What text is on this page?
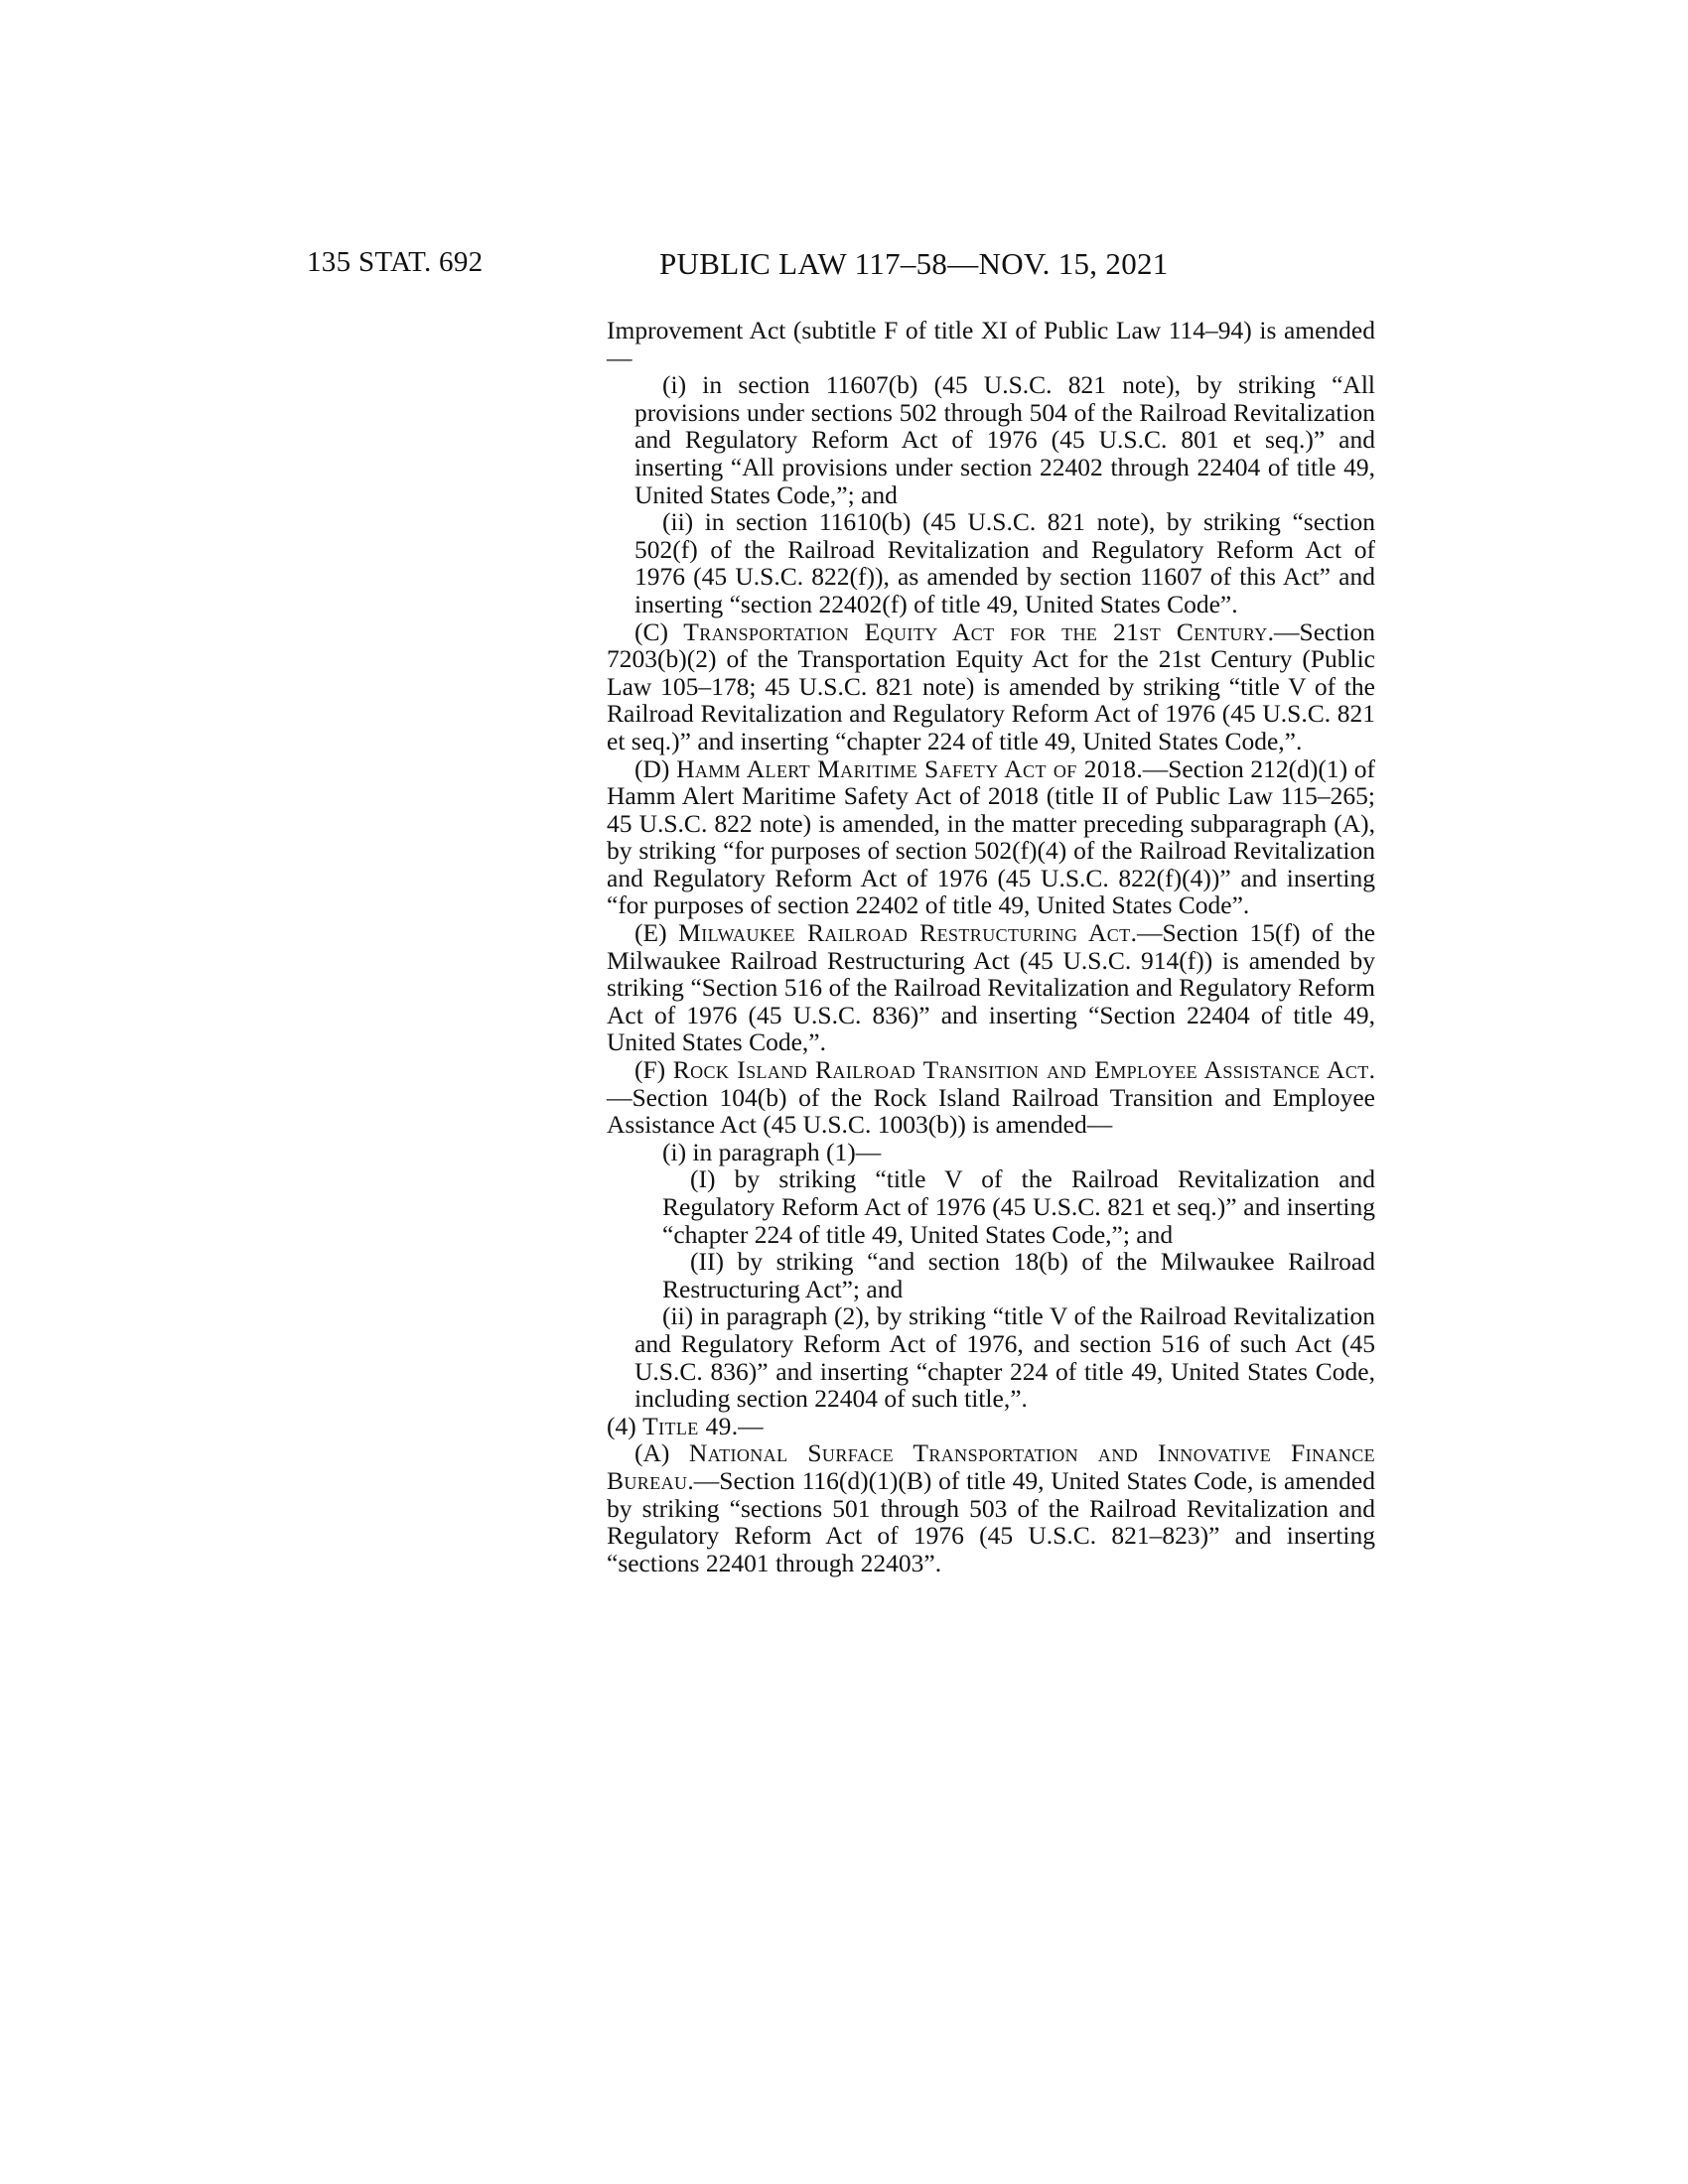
135 STAT. 692	PUBLIC LAW 117–58—NOV. 15, 2021

Improvement Act (subtitle F of title XI of Public Law 114–94) is amended—

(i) in section 11607(b) (45 U.S.C. 821 note), by striking “All provisions under sections 502 through 504 of the Railroad Revitalization and Regulatory Reform Act of 1976 (45 U.S.C. 801 et seq.)” and inserting “All provisions under section 22402 through 22404 of title 49, United States Code,”; and

(ii) in section 11610(b) (45 U.S.C. 821 note), by striking “section 502(f) of the Railroad Revitalization and Regulatory Reform Act of 1976 (45 U.S.C. 822(f)), as amended by section 11607 of this Act” and inserting “section 22402(f) of title 49, United States Code”.

(C) Transportation Equity Act for the 21st Century.—Section 7203(b)(2) of the Transportation Equity Act for the 21st Century (Public Law 105–178; 45 U.S.C. 821 note) is amended by striking “title V of the Railroad Revitalization and Regulatory Reform Act of 1976 (45 U.S.C. 821 et seq.)” and inserting “chapter 224 of title 49, United States Code,”.

(D) Hamm Alert Maritime Safety Act of 2018.—Section 212(d)(1) of Hamm Alert Maritime Safety Act of 2018 (title II of Public Law 115–265; 45 U.S.C. 822 note) is amended, in the matter preceding subparagraph (A), by striking “for purposes of section 502(f)(4) of the Railroad Revitalization and Regulatory Reform Act of 1976 (45 U.S.C. 822(f)(4))” and inserting “for purposes of section 22402 of title 49, United States Code”.

(E) Milwaukee Railroad Restructuring Act.—Section 15(f) of the Milwaukee Railroad Restructuring Act (45 U.S.C. 914(f)) is amended by striking “Section 516 of the Railroad Revitalization and Regulatory Reform Act of 1976 (45 U.S.C. 836)” and inserting “Section 22404 of title 49, United States Code,”.

(F) Rock Island Railroad Transition and Employee Assistance Act.—Section 104(b) of the Rock Island Railroad Transition and Employee Assistance Act (45 U.S.C. 1003(b)) is amended—

(i) in paragraph (1)—

(I) by striking “title V of the Railroad Revitalization and Regulatory Reform Act of 1976 (45 U.S.C. 821 et seq.)” and inserting “chapter 224 of title 49, United States Code,”; and

(II) by striking “and section 18(b) of the Milwaukee Railroad Restructuring Act”; and

(ii) in paragraph (2), by striking “title V of the Railroad Revitalization and Regulatory Reform Act of 1976, and section 516 of such Act (45 U.S.C. 836)” and inserting “chapter 224 of title 49, United States Code, including section 22404 of such title,”.

(4) Title 49.—

(A) National Surface Transportation and Innovative Finance Bureau.—Section 116(d)(1)(B) of title 49, United States Code, is amended by striking “sections 501 through 503 of the Railroad Revitalization and Regulatory Reform Act of 1976 (45 U.S.C. 821–823)” and inserting “sections 22401 through 22403”.
